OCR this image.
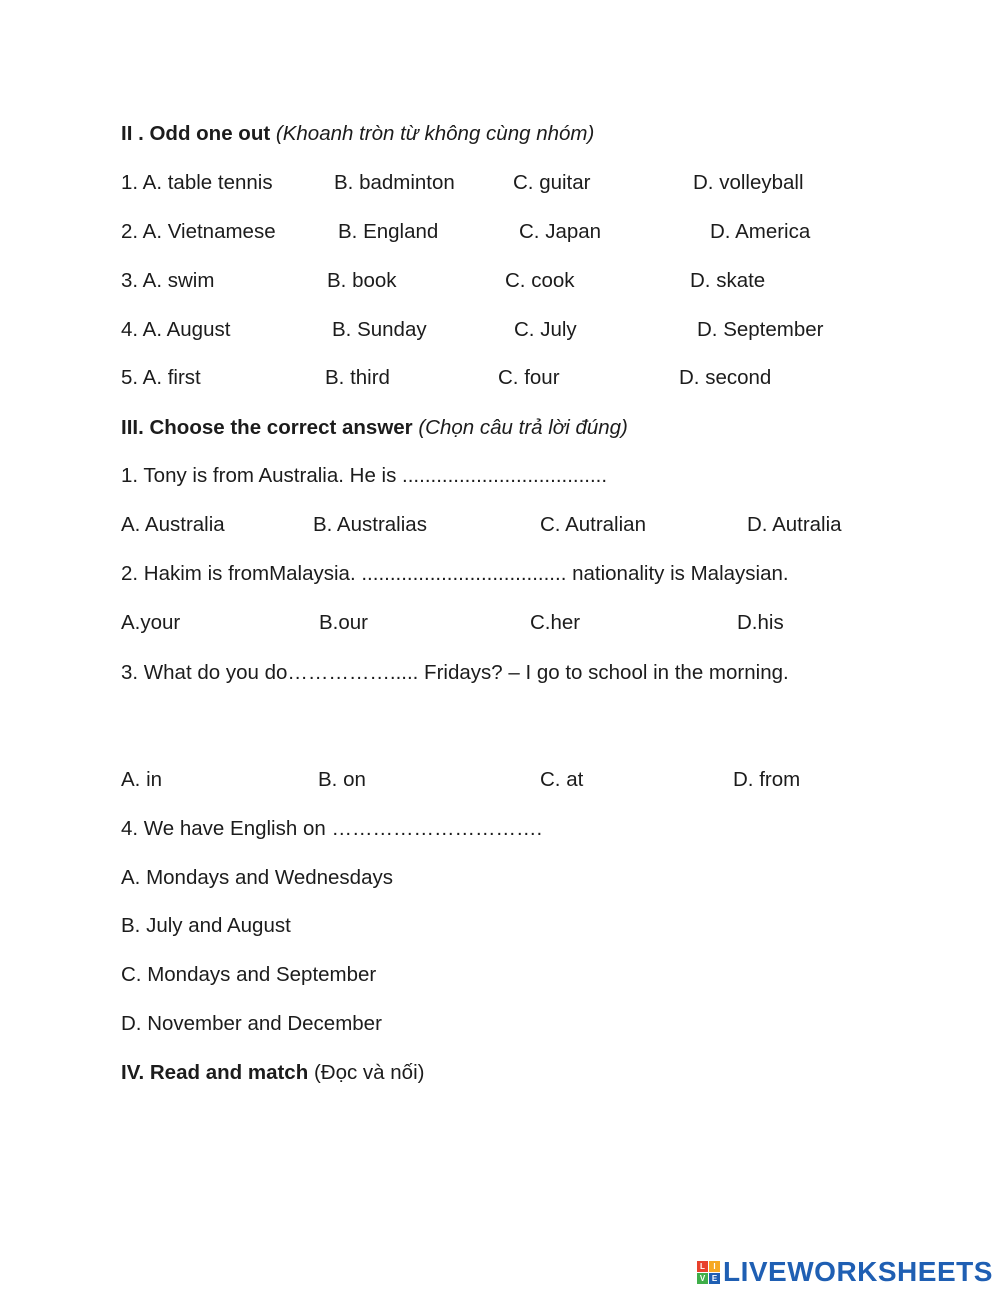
II . Odd one out (Khoanh tròn từ không cùng nhóm)
1. A. table tennis	B. badminton	C. guitar	D. volleyball
2. A. Vietnamese	B. England	C. Japan	D. America
3. A. swim	B. book	C. cook	D. skate
4. A. August	B. Sunday	C. July	D. September
5. A. first	B. third	C. four	D. second
III. Choose the correct answer (Chọn câu trả lời đúng)
1. Tony is from Australia. He is ....................................
A. Australia	B. Australias	C. Autralian	D. Autralia
2. Hakim is fromMalaysia. .................................... nationality is Malaysian.
A.your	B.our	C.her	D.his
3. What do you do……………..... Fridays? – I go to school in the morning.
A. in	B. on	C. at	D. from
4. We have English on ………………………….
A. Mondays and Wednesdays
B. July and August
C. Mondays and September
D. November and December
IV. Read and match (Đọc và nối)
L	I
V E LIVEWORKSHEETS
